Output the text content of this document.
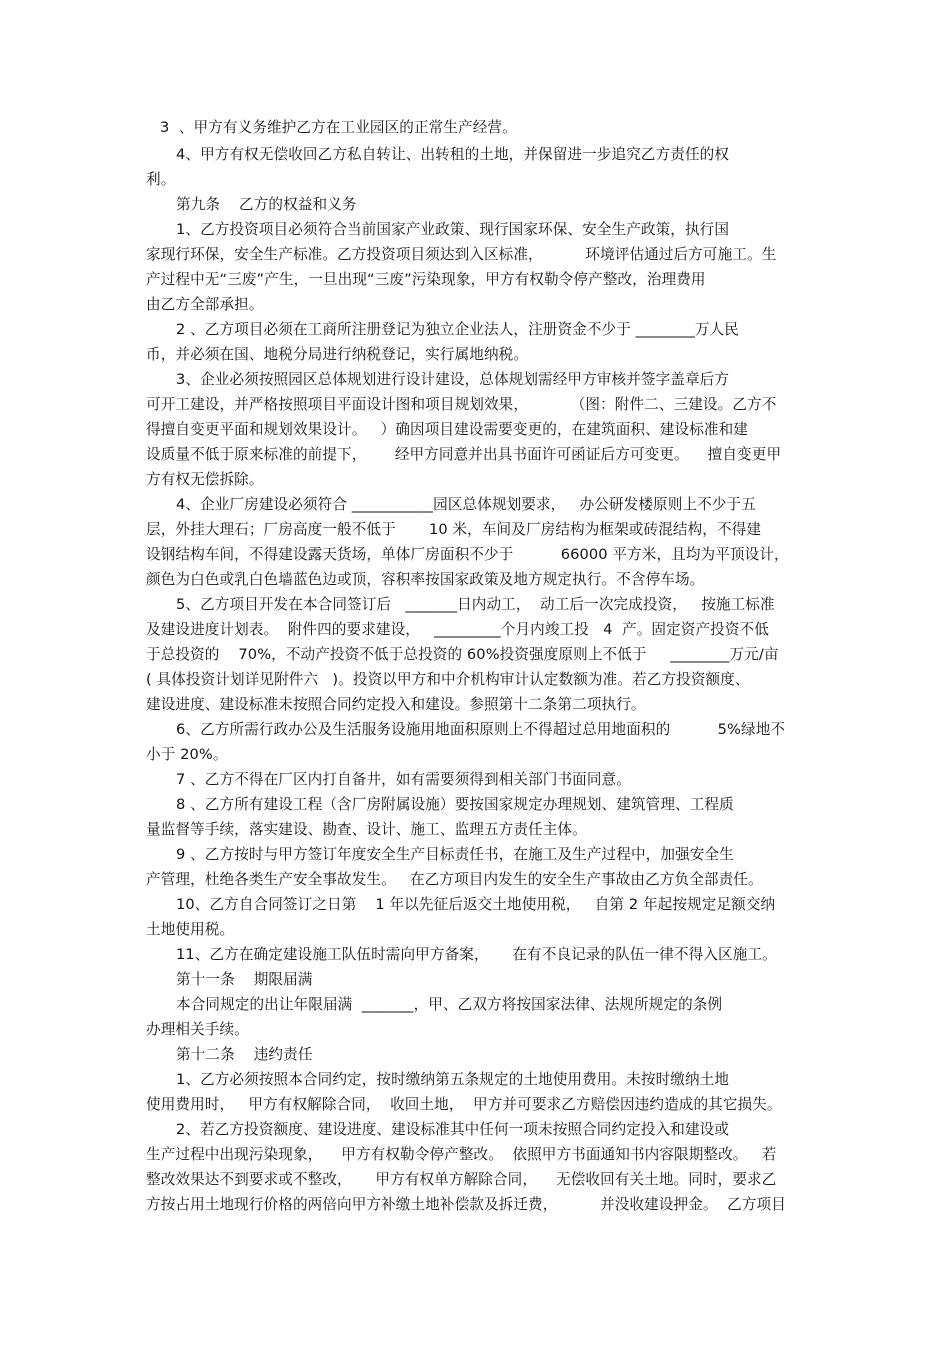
3  、甲方有义务维护乙方在工业园区的正常生产经营。
4、甲方有权无偿收回乙方私自转让、出转租的土地，并保留进一步追究乙方责任的权
利。
第九条    乙方的权益和义务
1、乙方投资项目必须符合当前国家产业政策、现行国家环保、安全生产政策，执行国
家现行环保，安全生产标准。乙方投资项目须达到入区标准，         环境评估通过后方可施工。生
产过程中无“三废”产生，一旦出现“三废”污染现象，甲方有权勒令停产整改，治理费用
由乙方全部承担。
2 、乙方项目必须在工商所注册登记为独立企业法人，注册资金不少于 ________万人民
币，并必须在国、地税分局进行纳税登记，实行属地纳税。
3、企业必须按照园区总体规划进行设计建设，总体规划需经甲方审核并签字盖章后方
可开工建设，并严格按照项目平面设计图和项目规划效果，         （图：附件二、三建设。乙方不
得擅自变更平面和规划效果设计。   ）确因项目建设需要变更的，在建筑面积、建设标准和建
设质量不低于原来标准的前提下，      经甲方同意并出具书面许可函证后方可变更。    擅自变更甲
方有权无偿拆除。
4、企业厂房建设必须符合 ___________园区总体规划要求，   办公研发楼原则上不少于五
层，外挂大理石；厂房高度一般不低于       10 米，车间及厂房结构为框架或砖混结构，不得建
设钢结构车间，不得建设露天货场，单体厂房面积不少于          66000 平方米，且均为平顶设计，
颜色为白色或乳白色墙蓝色边或顶，容积率按国家政策及地方规定执行。不含停车场。
5、乙方项目开发在本合同签订后   _______日内动工，  动工后一次完成投资，   按施工标准
及建设进度计划表。  附件四的要求建设，   _________个月内竣工投   4  产。固定资产投资不低
于总投资的    70%，不动产投资不低于总投资的 60%投资强度原则上不低于     ________万元/亩
( 具体投资计划详见附件六   )。投资以甲方和中介机构审计认定数额为准。若乙方投资额度、
建设进度、建设标准未按照合同约定投入和建设。参照第十二条第二项执行。
6、乙方所需行政办公及生活服务设施用地面积原则上不得超过总用地面积的          5%绿地不
小于 20%。
7 、乙方不得在厂区内打自备井，如有需要须得到相关部门书面同意。
8 、乙方所有建设工程（含厂房附属设施）要按国家规定办理规划、建筑管理、工程质
量监督等手续，落实建设、勘查、设计、施工、监理五方责任主体。
9 、乙方按时与甲方签订年度安全生产目标责任书，在施工及生产过程中，加强安全生
产管理，杜绝各类生产安全事故发生。   在乙方项目内发生的安全生产事故由乙方负全部责任。
10、乙方自合同签订之日第    1 年以先征后返交土地使用税，   自第 2 年起按规定足额交纳
土地使用税。
11、乙方在确定建设施工队伍时需向甲方备案，     在有不良记录的队伍一律不得入区施工。
第十一条    期限届满
本合同规定的出让年限届满  _______，甲、乙双方将按国家法律、法规所规定的条例
办理相关手续。
第十二条    违约责任
1、乙方必须按照本合同约定，按时缴纳第五条规定的土地使用费用。未按时缴纳土地
使用费用时，   甲方有权解除合同，  收回土地，  甲方并可要求乙方赔偿因违约造成的其它损失。
2、若乙方投资额度、建设进度、建设标准其中任何一项未按照合同约定投入和建设或
生产过程中出现污染现象，    甲方有权勒令停产整改。  依照甲方书面通知书内容限期整改。   若
整改效果达不到要求或不整改，     甲方有权单方解除合同，    无偿收回有关土地。同时，要求乙
方按占用土地现行价格的两倍向甲方补缴土地补偿款及拆迁费，         并没收建设押金。  乙方项目
